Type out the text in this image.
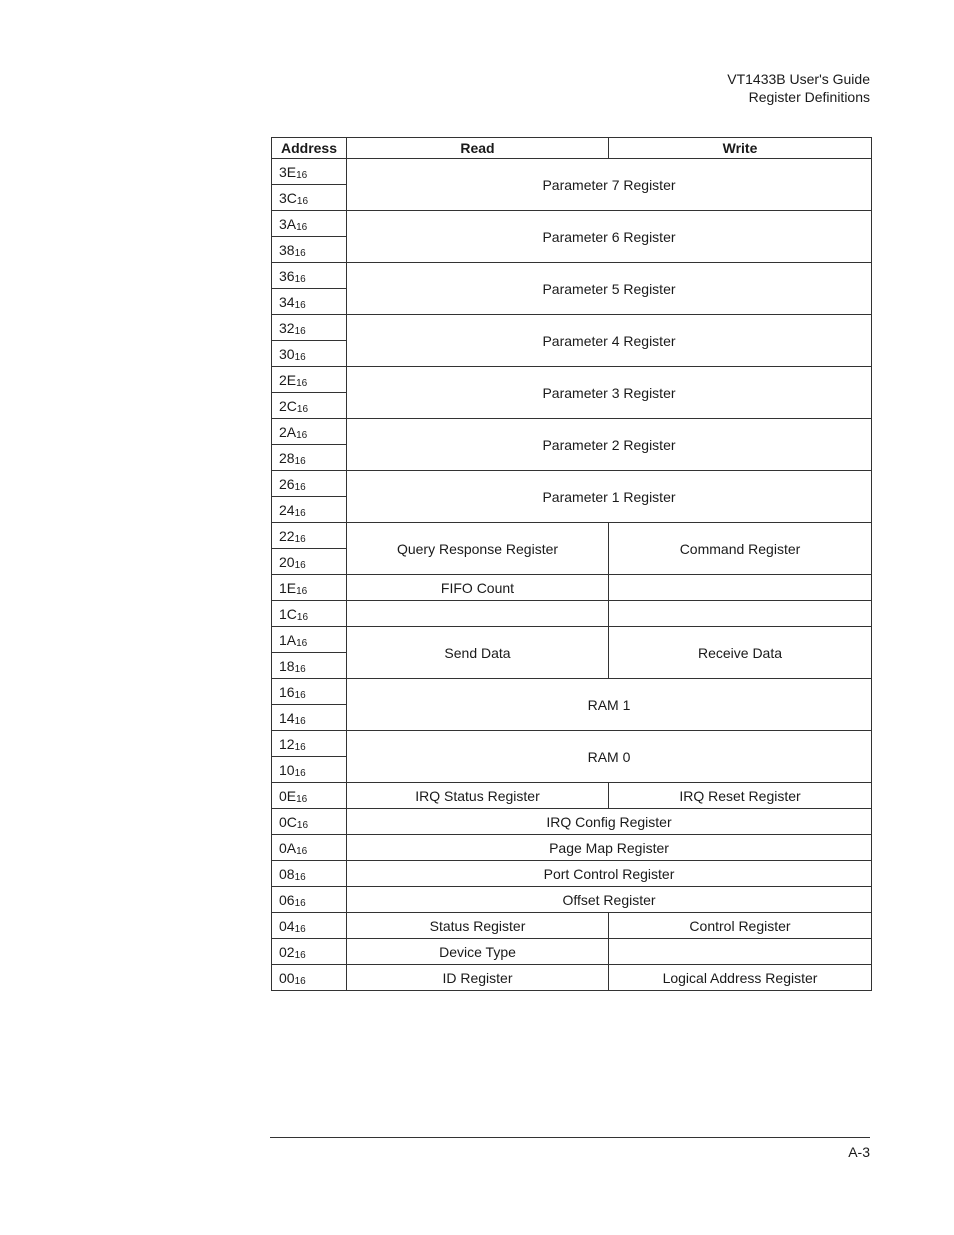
VT1433B User's Guide
Register Definitions
Address	Read	Write
$3E_{16}$	Parameter 7 Register	
$3C_{16}$
$3A_{16}$	Parameter 6 Register	
$38_{16}$
$36_{16}$	Parameter 5 Register	
$34_{16}$
$32_{16}$	Parameter 4 Register	
$30_{16}$
$2E_{16}$	Parameter 3 Register	
$2C_{16}$
$2A_{16}$	Parameter 2 Register	
$28_{16}$
$26_{16}$	Parameter 1 Register	
$24_{16}$
$22_{16}$	Query Response Register	Command Register
$20_{16}$
$1E_{16}$	FIFO Count	
$1C_{16}$		
$1A_{16}$	Send Data	Receive Data
$18_{16}$
$16_{16}$	RAM 1	
$14_{16}$
$12_{16}$	RAM 0	
$10_{16}$
$0E_{16}$	IRQ Status Register	IRQ Reset Register
$0C_{16}$	IRQ Config Register	
$0A_{16}$	Page Map Register	
$08_{16}$	Port Control Register	
$06_{16}$	Offset Register	
$04_{16}$	Status Register	Control Register
$02_{16}$	Device Type	
$00_{16}$	ID Register	Logical Address Register
A-3
